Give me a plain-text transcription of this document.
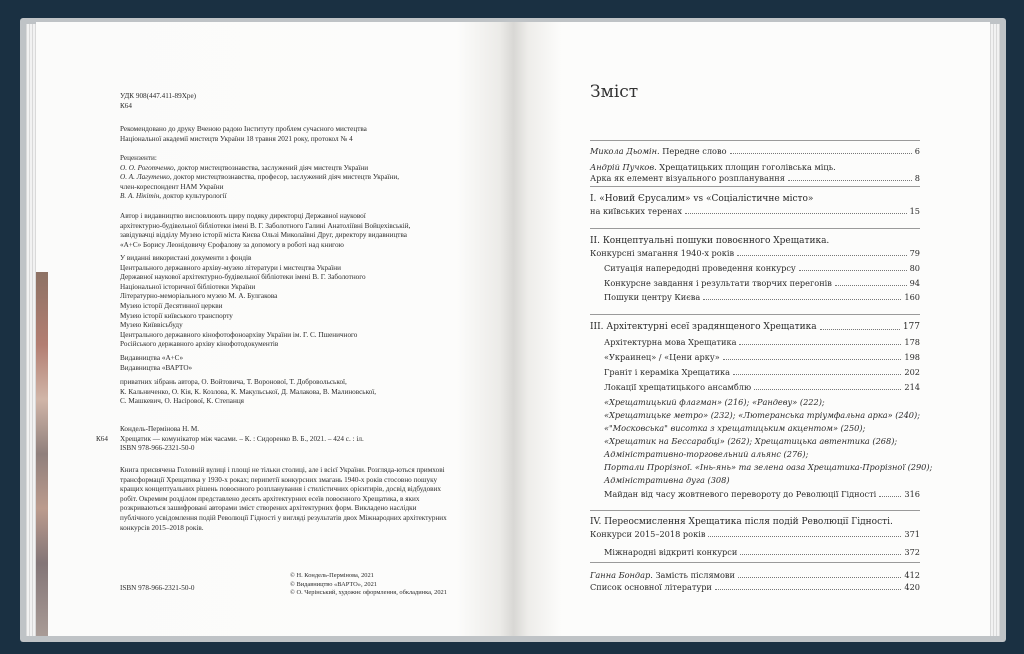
УДК 908(447.411-89Хре)
К64
Рекомендовано до друку Вченою радою Інституту проблем сучасного мистецтва
Національної академії мистецтв України 18 травня 2021 року, протокол № 4
Рецензенти:
О. О. Роготченко, доктор мистецтвознавства, заслужений діяч мистецтв України
О. А. Лагутенко, доктор мистецтвознавства, професор, заслужений діяч мистецтв України,
член-кореспондент НАМ України
В. А. Нікітін, доктор культурології
Автор і видавництво висловлюють щиру подяку директорці Державної наукової
архітектурно-будівельної бібліотеки імені В. Г. Заболотного Галині Анатоліївні Войцехівській,
завідувачці відділу Музею історії міста Києва Ользі Миколаївні Друг, директору видавництва
«А+С» Борису Леонідовичу Єрофалову за допомогу в роботі над книгою
У виданні використані документи з фондів
Центрального державного архіву-музею літератури і мистецтва України
Державної наукової архітектурно-будівельної бібліотеки імені В. Г. Заболотного
Національної історичної бібліотеки України
Літературно-меморіального музею М. А. Булгакова
Музею історії Десятинної церкви
Музею історії київського транспорту
Музею Київвісьбуду
Центрального державного кінофотофоноархіву України ім. Г. С. Пшеничного
Російського державного архіву кінофотодокументів
Видавництва «А+С»
Видавництва «ВАРТО»
приватних зібрань автора, О. Войтовича, Т. Воронової, Т. Добровольської,
К. Кальниченко, О. Кія, К. Козлова, К. Макульської, Д. Малакова, В. Малиновської,
С. Машкевич, О. Насірової, К. Степанця
К64
Кондель-Пермінова Н. М.
Хрещатик — комунікатор між часами. – К. : Сидоренко В. Б., 2021. – 424 с. : іл.
ISBN 978-966-2321-50-0
Книга присвячена Головній вулиці і площі не тільки столиці, але і всієї України. Розгляда-ються примхові трансформації Хрещатика у 1930-х роках; перипетії конкурсних змагань 1940-х років стосовно пошуку кращих концептуальних рішень повоєнного розпланування і стилістичних орієнтирів, досвід відбудових робіт. Окремим розділом представлено десять архітектурних есеїв повоєнного Хрещатика, в яких розкриваються зашифровані авторами зміст створених архітектурних форм. Викладено наслідки публічного усвідомлення подій Революції Гідності у вигляді результатів двох Міжнародних архітектурних конкурсів 2015–2018 років.
ISBN 978-966-2321-50-0
© Н. Кондель-Пермінова, 2021
© Видавництво «ВАРТО», 2021
© О. Черінський, художнє оформлення, обкладинка, 2021
Зміст
Микола Дьомін. Передне слово	6
Андрій Пучков. Хрещатицьких площин гоголівська міць.
Арка як елемент візуального розпланування	8
І. «Новий Єрусалим» vs «Соціалістичне місто»
на київських теренах	15
ІІ. Концептуальні пошуки повоєнного Хрещатика.
Конкурсні змагання 1940-х років	79
Ситуація напередодні проведення конкурсу	80
Конкурсне завдання і результати творчих перегонів	94
Пошуки центру Києва	160
ІІІ. Архітектурні есеї зрадянщеного Хрещатика	177
Архітектурна мова Хрещатика	178
«Украинец» / «Цени арку»	198
Граніт і кераміка Хрещатика	202
Локації хрещатицького ансамблю	214
«Хрещатицький флагман» (216); «Рандеву» (222);
«Хрещатицьке метро» (232); «Лютеранська тріумфальна арка» (240);
«"Московська" висотка з хрещатицьким акцентом» (250);
«Хрещатик на Бессарабці» (262); Хрещатицька автентика (268);
Адміністративно-торговельний альянс (276);
Портали Прорізної. «Інь-янь» та зелена оаза Хрещатика-Прорізної (290);
Адміністративна дуга (308)
Майдан від часу жовтневого перевороту до Революції Гідності	316
IV. Переосмислення Хрещатика після подій Революції Гідності.
Конкурси 2015–2018 років	371
Міжнародні відкриті конкурси	372
Ганна Бондар. Замість післямови	412
Список основної літератури	420
